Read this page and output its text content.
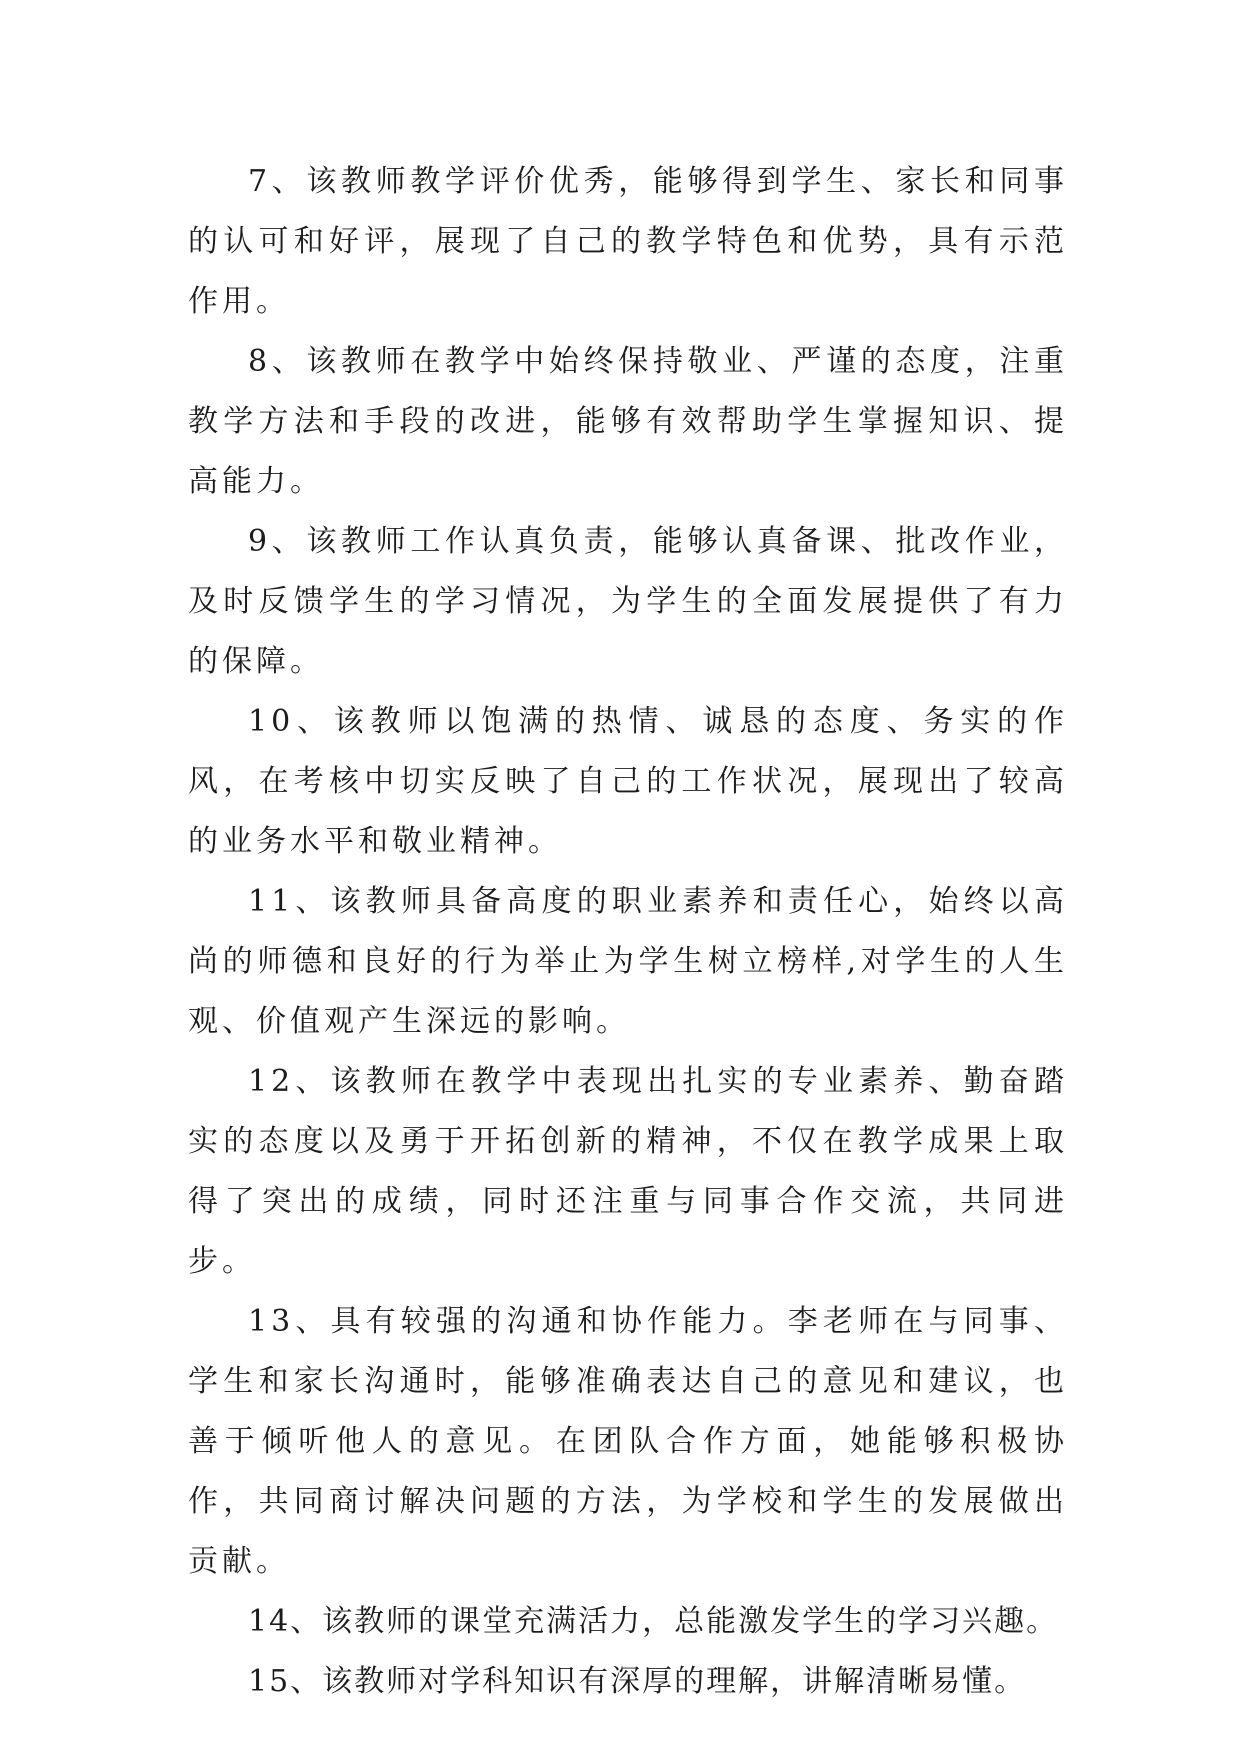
7、该教师教学评价优秀，能够得到学生、家长和同事的认可和好评，展现了自己的教学特色和优势，具有示范作用。

8、该教师在教学中始终保持敬业、严谨的态度，注重教学方法和手段的改进，能够有效帮助学生掌握知识、提高能力。

9、该教师工作认真负责，能够认真备课、批改作业，及时反馈学生的学习情况，为学生的全面发展提供了有力的保障。

10、该教师以饱满的热情、诚恳的态度、务实的作风，在考核中切实反映了自己的工作状况，展现出了较高的业务水平和敬业精神。

11、该教师具备高度的职业素养和责任心，始终以高尚的师德和良好的行为举止为学生树立榜样,对学生的人生观、价值观产生深远的影响。

12、该教师在教学中表现出扎实的专业素养、勤奋踏实的态度以及勇于开拓创新的精神，不仅在教学成果上取得了突出的成绩，同时还注重与同事合作交流，共同进步。

13、具有较强的沟通和协作能力。李老师在与同事、学生和家长沟通时，能够准确表达自己的意见和建议，也善于倾听他人的意见。在团队合作方面，她能够积极协作，共同商讨解决问题的方法，为学校和学生的发展做出贡献。

14、该教师的课堂充满活力，总能激发学生的学习兴趣。

15、该教师对学科知识有深厚的理解，讲解清晰易懂。
